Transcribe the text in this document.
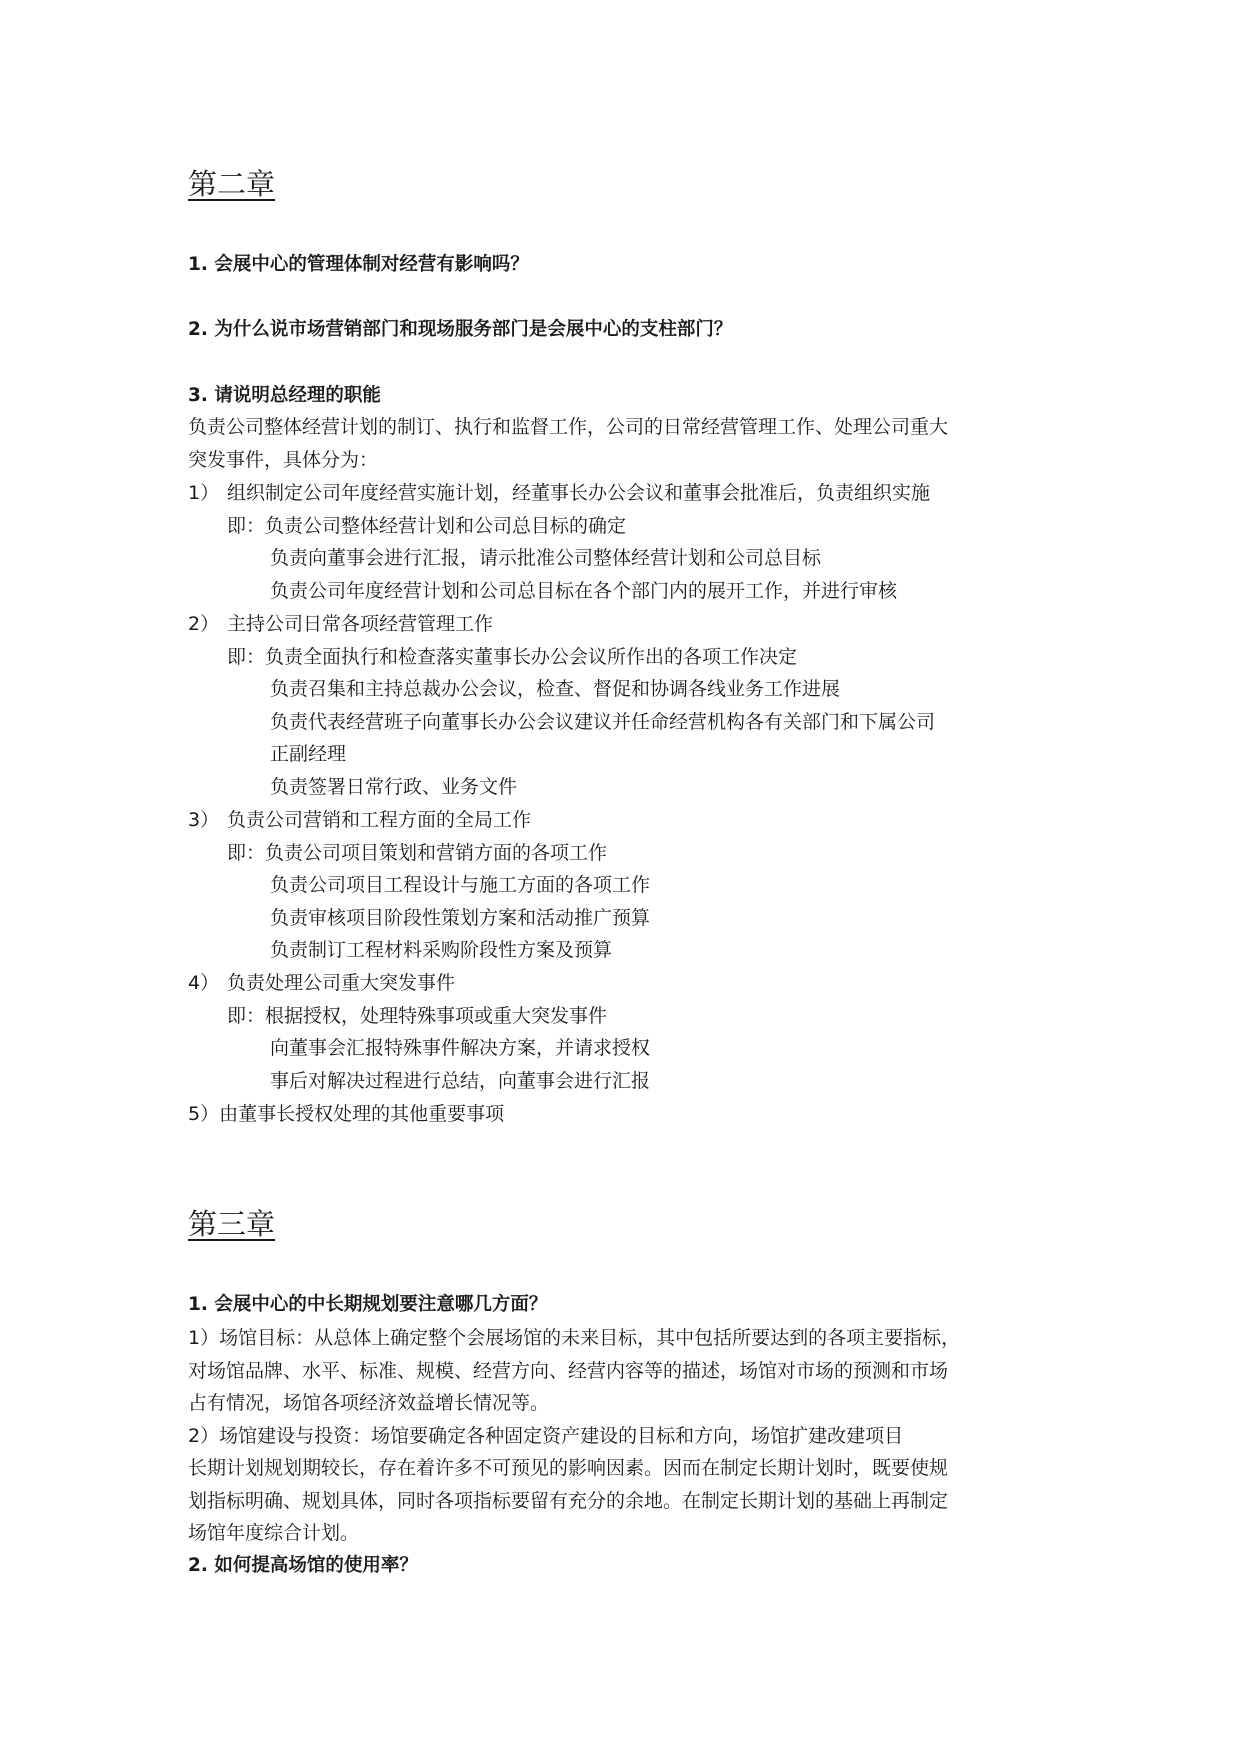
第二章
1. 会展中心的管理体制对经营有影响吗？
2. 为什么说市场营销部门和现场服务部门是会展中心的支柱部门？
3. 请说明总经理的职能
负责公司整体经营计划的制订、执行和监督工作，公司的日常经营管理工作、处理公司重大
突发事件，具体分为：
1） 组织制定公司年度经营实施计划，经董事长办公会议和董事会批准后，负责组织实施
即：负责公司整体经营计划和公司总目标的确定
负责向董事会进行汇报，请示批准公司整体经营计划和公司总目标
负责公司年度经营计划和公司总目标在各个部门内的展开工作，并进行审核
2） 主持公司日常各项经营管理工作
即：负责全面执行和检查落实董事长办公会议所作出的各项工作决定
负责召集和主持总裁办公会议，检查、督促和协调各线业务工作进展
负责代表经营班子向董事长办公会议建议并任命经营机构各有关部门和下属公司
正副经理
负责签署日常行政、业务文件
3） 负责公司营销和工程方面的全局工作
即：负责公司项目策划和营销方面的各项工作
负责公司项目工程设计与施工方面的各项工作
负责审核项目阶段性策划方案和活动推广预算
负责制订工程材料采购阶段性方案及预算
4） 负责处理公司重大突发事件
即：根据授权，处理特殊事项或重大突发事件
向董事会汇报特殊事件解决方案，并请求授权
事后对解决过程进行总结，向董事会进行汇报
5）由董事长授权处理的其他重要事项
第三章
1. 会展中心的中长期规划要注意哪几方面？
1）场馆目标：从总体上确定整个会展场馆的未来目标，其中包括所要达到的各项主要指标，
对场馆品牌、水平、标准、规模、经营方向、经营内容等的描述，场馆对市场的预测和市场
占有情况，场馆各项经济效益增长情况等。
2）场馆建设与投资：场馆要确定各种固定资产建设的目标和方向，场馆扩建改建项目
长期计划规划期较长，存在着许多不可预见的影响因素。因而在制定长期计划时，既要使规
划指标明确、规划具体，同时各项指标要留有充分的余地。在制定长期计划的基础上再制定
场馆年度综合计划。
2. 如何提高场馆的使用率？
